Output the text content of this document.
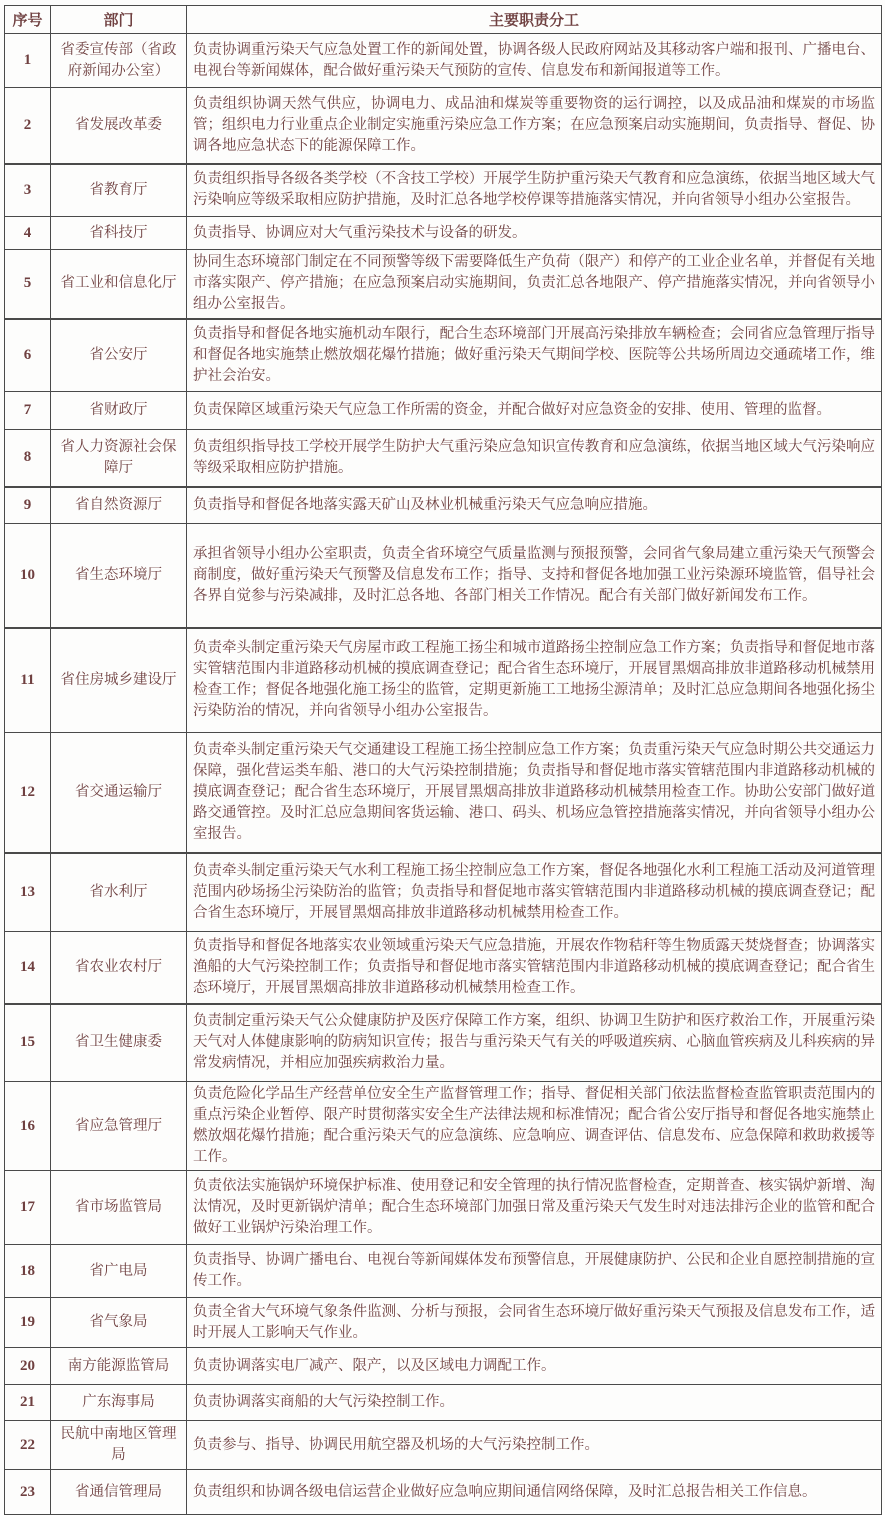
序号	部门	主要职责分工
1	省委宣传部（省政府新闻办公室）	负责协调重污染天气应急处置工作的新闻处置，协调各级人民政府网站及其移动客户端和报刊、广播电台、电视台等新闻媒体，配合做好重污染天气预防的宣传、信息发布和新闻报道等工作。
2	省发展改革委	负责组织协调天然气供应，协调电力、成品油和煤炭等重要物资的运行调控，以及成品油和煤炭的市场监管；组织电力行业重点企业制定实施重污染应急工作方案；在应急预案启动实施期间，负责指导、督促、协调各地应急状态下的能源保障工作。
3	省教育厅	负责组织指导各级各类学校（不含技工学校）开展学生防护重污染天气教育和应急演练，依据当地区域大气污染响应等级采取相应防护措施，及时汇总各地学校停课等措施落实情况，并向省领导小组办公室报告。
4	省科技厅	负责指导、协调应对大气重污染技术与设备的研发。
5	省工业和信息化厅	协同生态环境部门制定在不同预警等级下需要降低生产负荷（限产）和停产的工业企业名单，并督促有关地市落实限产、停产措施；在应急预案启动实施期间，负责汇总各地限产、停产措施落实情况，并向省领导小组办公室报告。
6	省公安厅	负责指导和督促各地实施机动车限行，配合生态环境部门开展高污染排放车辆检查；会同省应急管理厅指导和督促各地实施禁止燃放烟花爆竹措施；做好重污染天气期间学校、医院等公共场所周边交通疏堵工作，维护社会治安。
7	省财政厅	负责保障区域重污染天气应急工作所需的资金，并配合做好对应急资金的安排、使用、管理的监督。
8	省人力资源社会保障厅	负责组织指导技工学校开展学生防护大气重污染应急知识宣传教育和应急演练，依据当地区域大气污染响应等级采取相应防护措施。
9	省自然资源厅	负责指导和督促各地落实露天矿山及林业机械重污染天气应急响应措施。
10	省生态环境厅	承担省领导小组办公室职责，负责全省环境空气质量监测与预报预警，会同省气象局建立重污染天气预警会商制度，做好重污染天气预警及信息发布工作；指导、支持和督促各地加强工业污染源环境监管，倡导社会各界自觉参与污染减排，及时汇总各地、各部门相关工作情况。配合有关部门做好新闻发布工作。
11	省住房城乡建设厅	负责牵头制定重污染天气房屋市政工程施工扬尘和城市道路扬尘控制应急工作方案；负责指导和督促地市落实管辖范围内非道路移动机械的摸底调查登记；配合省生态环境厅，开展冒黑烟高排放非道路移动机械禁用检查工作；督促各地强化施工扬尘的监管，定期更新施工工地扬尘源清单；及时汇总应急期间各地强化扬尘污染防治的情况，并向省领导小组办公室报告。
12	省交通运输厅	负责牵头制定重污染天气交通建设工程施工扬尘控制应急工作方案；负责重污染天气应急时期公共交通运力保障，强化营运类车船、港口的大气污染控制措施；负责指导和督促地市落实管辖范围内非道路移动机械的摸底调查登记；配合省生态环境厅，开展冒黑烟高排放非道路移动机械禁用检查工作。协助公安部门做好道路交通管控。及时汇总应急期间客货运输、港口、码头、机场应急管控措施落实情况，并向省领导小组办公室报告。
13	省水利厅	负责牵头制定重污染天气水利工程施工扬尘控制应急工作方案，督促各地强化水利工程施工活动及河道管理范围内砂场扬尘污染防治的监管；负责指导和督促地市落实管辖范围内非道路移动机械的摸底调查登记；配合省生态环境厅，开展冒黑烟高排放非道路移动机械禁用检查工作。
14	省农业农村厅	负责指导和督促各地落实农业领域重污染天气应急措施，开展农作物秸秆等生物质露天焚烧督查；协调落实渔船的大气污染控制工作；负责指导和督促地市落实管辖范围内非道路移动机械的摸底调查登记；配合省生态环境厅，开展冒黑烟高排放非道路移动机械禁用检查工作。
15	省卫生健康委	负责制定重污染天气公众健康防护及医疗保障工作方案，组织、协调卫生防护和医疗救治工作，开展重污染天气对人体健康影响的防病知识宣传；报告与重污染天气有关的呼吸道疾病、心脑血管疾病及儿科疾病的异常发病情况，并相应加强疾病救治力量。
16	省应急管理厅	负责危险化学品生产经营单位安全生产监督管理工作；指导、督促相关部门依法监督检查监管职责范围内的重点污染企业暂停、限产时贯彻落实安全生产法律法规和标准情况；配合省公安厅指导和督促各地实施禁止燃放烟花爆竹措施；配合重污染天气的应急演练、应急响应、调查评估、信息发布、应急保障和救助救援等工作。
17	省市场监管局	负责依法实施锅炉环境保护标准、使用登记和安全管理的执行情况监督检查，定期普查、核实锅炉新增、淘汰情况，及时更新锅炉清单；配合生态环境部门加强日常及重污染天气发生时对违法排污企业的监管和配合做好工业锅炉污染治理工作。
18	省广电局	负责指导、协调广播电台、电视台等新闻媒体发布预警信息，开展健康防护、公民和企业自愿控制措施的宣传工作。
19	省气象局	负责全省大气环境气象条件监测、分析与预报，会同省生态环境厅做好重污染天气预报及信息发布工作，适时开展人工影响天气作业。
20	南方能源监管局	负责协调落实电厂减产、限产，以及区域电力调配工作。
21	广东海事局	负责协调落实商船的大气污染控制工作。
22	民航中南地区管理局	负责参与、指导、协调民用航空器及机场的大气污染控制工作。
23	省通信管理局	负责组织和协调各级电信运营企业做好应急响应期间通信网络保障，及时汇总报告相关工作信息。
